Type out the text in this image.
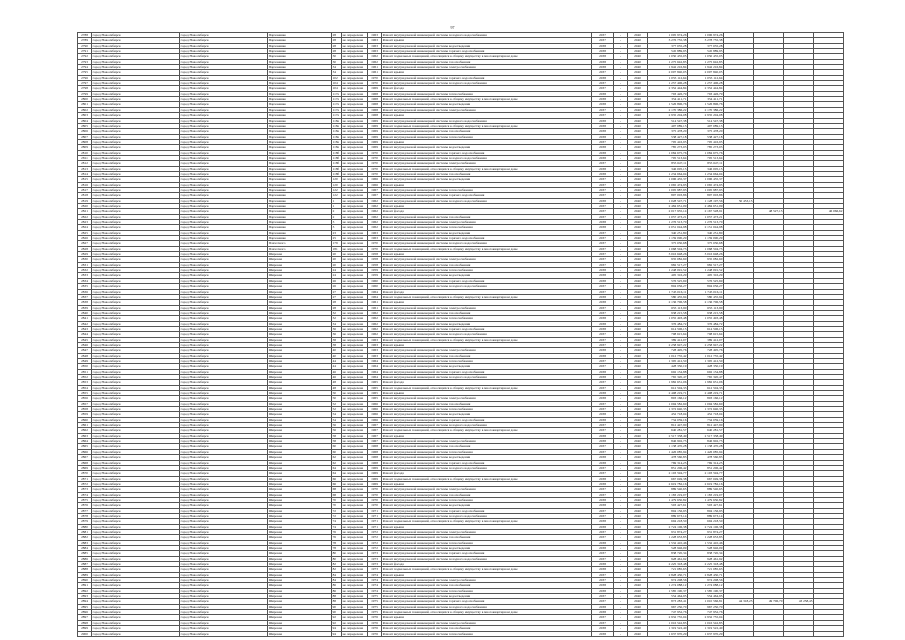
97
2788	город Новосибирск	город Новосибирск	Пархоменко	28	не определена	1963	Ремонт внутридомовой инженерной системы холодного водоснабжения	2037	-	2040	1 005 974,26	1 006 974,26				
2789	город Новосибирск	город Новосибирск	Пархоменко	28	не определена	1963	Ремонт крыши	2037	-	2040	3 276 755,38	3 278 755,38				
2790	город Новосибирск	город Новосибирск	Пархоменко	28	не определена	1963	Ремонт внутридомовой инженерной системы водоотведения	2038	-	2040	377 035,28	377 035,28				
2791	город Новосибирск	город Новосибирск	Пархоменко	28	не определена	1963	Ремонт внутридомовой инженерной системы горячего водоснабжения	2038	-	2040	545 889,95	545 889,95				
2792	город Новосибирск	город Новосибирск	Пархоменко	30	не определена	1962	Ремонт подвальных помещений, относящихся к общему имуществу в многоквартирном доме	2038	-	2040	1 050 435,05	1 050 435,05				
2793	город Новосибирск	город Новосибирск	Пархоменко	30	не определена	1962	Ремонт внутридомовой инженерной системы газоснабжения	2038	-	2040	1 275 642,85	1 275 642,85				
2794	город Новосибирск	город Новосибирск	Пархоменко	34	не определена	1961	Ремонт внутридомовой инженерной системы электроснабжения	2038	-	2040	1 942 216,84	1 942 216,84				
2795	город Новосибирск	город Новосибирск	Пархоменко	34	не определена	1961	Ремонт крыши	2037	-	2040	2 007 840,05	2 007 840,05				
2796	город Новосибирск	город Новосибирск	Пархоменко	102	не определена	1970	Ремонт внутридомовой инженерной системы горячего водоснабжения	2038	-	2040	1 055 112,64	1 055 112,64				
2797	город Новосибирск	город Новосибирск	Пархоменко	104	не определена	1970	Ремонт внутридомовой инженерной системы холодного водоснабжения	2037	-	2040	1 257 406,28	1 257 406,28				
2798	город Новосибирск	город Новосибирск	Пархоменко	104	не определена	1969	Ремонт фасада	2037	-	2040	2 352 444,84	2 352 444,84				
2799	город Новосибирск	город Новосибирск	Пархоменко	117а	не определена	1968	Ремонт внутридомовой инженерной системы теплоснабжения	2038	-	2040	793 426,79	793 426,79				
2800	город Новосибирск	город Новосибирск	Пархоменко	117а	не определена	1968	Ремонт подвальных помещений, относящихся к общему имуществу в многоквартирном доме	2038	-	2040	354 411,71	354 411,71				
2801	город Новосибирск	город Новосибирск	Пархоменко	117а	не определена	1968	Ремонт внутридомовой инженерной системы водоотведения	2038	-	2040	1 526 896,76	1 526 896,76				
2802	город Новосибирск	город Новосибирск	Пархоменко	117а	не определена	1968	Ремонт внутридомовой инженерной системы электроснабжения	2037	-	2040	2 170 386,22	2 170 386,22				
2803	город Новосибирск	город Новосибирск	Пархоменко	117а	не определена	1968	Ремонт крыши	2037	-	2040	2 935 204,08	2 935 204,08				
2804	город Новосибирск	город Новосибирск	Пархоменко	118а	не определена	1969	Ремонт внутридомовой инженерной системы холодного водоснабжения	2038	-	2040	514 547,38	514 547,38				
2805	город Новосибирск	город Новосибирск	Пархоменко	118а	не определена	1969	Ремонт подвальных помещений, относящихся к общему имуществу в многоквартирном доме	2038	-	2040	497 089,13	497 089,13				
2806	город Новосибирск	город Новосибирск	Пархоменко	118а	не определена	1969	Ремонт внутридомовой инженерной системы газоснабжения	2038	-	2040	375 478,20	375 478,20				
2807	город Новосибирск	город Новосибирск	Пархоменко	118а	не определена	1969	Ремонт внутридомовой инженерной системы теплоснабжения	2038	-	2040	538 427,18	538 427,18				
2808	город Новосибирск	город Новосибирск	Пархоменко	118а	не определена	1969	Ремонт крыши	2037	-	2040	705 416,95	705 416,95				
2809	город Новосибирск	город Новосибирск	Пархоменко	118а	не определена	1969	Ремонт внутридомовой инженерной системы водоотведения	2038	-	2040	785 273,03	785 273,03				
2810	город Новосибирск	город Новосибирск	Пархоменко	118б	не определена	1970	Ремонт внутридомовой инженерной системы горячего водоснабжения	2038	-	2040	1 084 675,76	1 084 675,76				
2811	город Новосибирск	город Новосибирск	Пархоменко	118б	не определена	1970	Ремонт внутридомовой инженерной системы холодного водоснабжения	2038	-	2040	705 513,64	705 513,64				
2812	город Новосибирск	город Новосибирск	Пархоменко	118б	не определена	1970	Ремонт внутридомовой инженерной системы электроснабжения	2037	-	2040	855 647,11	855 647,11				
2813	город Новосибирск	город Новосибирск	Пархоменко	118б	не определена	1970	Ремонт подвальных помещений, относящихся к общему имуществу в многоквартирном доме	2038	-	2040	346 005,15	346 005,15				
2814	город Новосибирск	город Новосибирск	Пархоменко	118б	не определена	1970	Ремонт внутридомовой инженерной системы газоснабжения	2038	-	2040	1 234 664,04	1 234 664,04				
2815	город Новосибирск	город Новосибирск	Пархоменко	120	не определена	1966	Ремонт внутридомовой инженерной системы водоотведения	2037	-	2040	1 096 435,37	1 096 435,37				
2816	город Новосибирск	город Новосибирск	Пархоменко	120	не определена	1966	Ремонт крыши	2037	-	2040	1 065 474,93	1 065 474,93				
2817	город Новосибирск	город Новосибирск	Пархоменко	122	не определена	1967	Ремонт внутридомовой инженерной системы теплоснабжения	2037	-	2040	1 005 987,93	1 005 987,93				
2818	город Новосибирск	город Новосибирск	Пархоменко	122	не определена	1967	Ремонт внутридомовой инженерной системы горячего водоснабжения	2037	-	2040	897 003,86	897 003,86				
2819	город Новосибирск	город Новосибирск	Пархоменко	1	не определена	1962	Ремонт внутридомовой инженерной системы холодного водоснабжения	2038	-	2040	1 028 547,71	1 128 197,56	50 453,15			
2820	город Новосибирск	город Новосибирск	Пархоменко	1	не определена	1962	Ремонт крыши	2037	-	2040	2 484 651,09	2 484 651,09				
2821	город Новосибирск	город Новосибирск	Пархоменко	2	не определена	1962	Ремонт фасада	2037	-	2040	2 017 935,14	2 167 528,91		48 527,15		46 066,62
2822	город Новосибирск	город Новосибирск	Пархоменко	2	не определена	1962	Ремонт внутридомовой инженерной системы газоснабжения	2037	-	2040	1 057 473,21	1 057 473,21				
2823	город Новосибирск	город Новосибирск	Пархоменко	3	не определена	1962	Ремонт внутридомовой инженерной системы электроснабжения	2038	-	2040	1 276 513,70	1 276 513,70				
2824	город Новосибирск	город Новосибирск	Пархоменко	3	не определена	1962	Ремонт внутридомовой инженерной системы теплоснабжения	2038	-	2040	2 051 044,98	2 151 044,98				
2825	город Новосибирск	город Новосибирск	Пархоменко	23	не определена	1963	Ремонт внутридомовой инженерной системы водоотведения	2037	-	2040	340 251,80	340 251,80				
2826	город Новосибирск	город Новосибирск	Пархоменко	25	не определена	1963	Ремонт внутридомовой инженерной системы горячего водоснабжения	2037	-	2040	1 159 090,29	1 159 090,29				
2827	город Новосибирск	город Новосибирск	Плахотного	179	не определена	1970	Ремонт внутридомовой инженерной системы холодного водоснабжения	2037	-	2040	375 030,68	375 030,68				
2828	город Новосибирск	город Новосибирск	Плахотного	181	не определена	1970	Ремонт подвальных помещений, относящихся к общему имуществу в многоквартирном доме	2037	-	2040	1 068 504,73	1 068 504,73				
2829	город Новосибирск	город Новосибирск	Широкая	20	не определена	1958	Ремонт крыши	2037	-	2040	3 016 648,26	3 016 648,26				
2830	город Новосибирск	город Новосибирск	Широкая	20	не определена	1958	Ремонт внутридомовой инженерной системы электроснабжения	2037	-	2040	935 082,60	935 082,60				
2831	город Новосибирск	город Новосибирск	Широкая	20	не определена	1958	Ремонт внутридомовой инженерной системы газоснабжения	2037	-	2040	982 517,27	982 517,27				
2832	город Новосибирск	город Новосибирск	Широкая	24	не определена	1959	Ремонт внутридомовой инженерной системы теплоснабжения	2038	-	2040	1 248 091,52	1 248 091,52				
2833	город Новосибирск	город Новосибирск	Широкая	24	не определена	1959	Ремонт внутридомовой инженерной системы водоотведения	2038	-	2040	405 316,29	405 316,29				
2834	город Новосибирск	город Новосибирск	Широкая	26	не определена	1960	Ремонт внутридомовой инженерной системы горячего водоснабжения	2038	-	2040	576 525,69	576 525,69				
2835	город Новосибирск	город Новосибирск	Широкая	26	не определена	1960	Ремонт внутридомовой инженерной системы холодного водоснабжения	2037	-	2040	804 056,27	804 056,27				
2836	город Новосибирск	город Новосибирск	Широкая	27	не определена	1964	Ремонт фасада	2037	-	2040	1 745 016,11	1 745 016,11				
2837	город Новосибирск	город Новосибирск	Широкая	27	не определена	1964	Ремонт подвальных помещений, относящихся к общему имуществу в многоквартирном доме	2038	-	2040	580 435,94	580 435,94				
2838	город Новосибирск	город Новосибирск	Широкая	28	не определена	1961	Ремонт крыши	2038	-	2040	2 136 706,58	2 136 706,58				
2839	город Новосибирск	город Новосибирск	Широкая	28	не определена	1961	Ремонт внутридомовой инженерной системы электроснабжения	2037	-	2040	655 113,90	655 113,90				
2840	город Новосибирск	город Новосибирск	Широкая	32	не определена	1962	Ремонт внутридомовой инженерной системы газоснабжения	2037	-	2040	938 215,58	938 215,58				
2841	город Новосибирск	город Новосибирск	Широкая	32	не определена	1962	Ремонт внутридомовой инженерной системы теплоснабжения	2038	-	2040	1 055 493,48	1 055 493,48				
2842	город Новосибирск	город Новосибирск	Широкая	34	не определена	1962	Ремонт внутридомовой инженерной системы водоотведения	2038	-	2040	376 484,72	376 484,72				
2843	город Новосибирск	город Новосибирск	Широкая	36	не определена	1962	Ремонт внутридомовой инженерной системы горячего водоснабжения	2038	-	2040	614 506,15	614 506,15				
2844	город Новосибирск	город Новосибирск	Широкая	36	не определена	1962	Ремонт внутридомовой инженерной системы холодного водоснабжения	2037	-	2040	708 615,64	708 615,64				
2845	город Новосибирск	город Новосибирск	Широкая	38	не определена	1963	Ремонт подвальных помещений, относящихся к общему имуществу в многоквартирном доме	2037	-	2040	389 412,07	389 412,07				
2846	город Новосибирск	город Новосибирск	Широкая	38	не определена	1963	Ремонт крыши	2037	-	2040	2 258 947,22	2 258 947,22				
2847	город Новосибирск	город Новосибирск	Широкая	40	не определена	1963	Ремонт внутридомовой инженерной системы электроснабжения	2038	-	2040	728 495,76	728 495,76				
2848	город Новосибирск	город Новосибирск	Широкая	40	не определена	1963	Ремонт внутридомовой инженерной системы газоснабжения	2038	-	2040	1 012 735,42	1 012 735,42				
2849	город Новосибирск	город Новосибирск	Широкая	44	не определена	1964	Ремонт внутридомовой инженерной системы теплоснабжения	2037	-	2040	1 305 412,50	1 305 412,50				
2850	город Новосибирск	город Новосибирск	Широкая	44	не определена	1964	Ремонт внутридомовой инженерной системы водоотведения	2037	-	2040	428 350,19	428 350,19				
2851	город Новосибирск	город Новосибирск	Широкая	46	не определена	1964	Ремонт внутридомовой инженерной системы горячего водоснабжения	2038	-	2040	692 134,88	692 134,88				
2852	город Новосибирск	город Новосибирск	Широкая	46	не определена	1964	Ремонт внутридомовой инженерной системы холодного водоснабжения	2038	-	2040	765 320,47	765 320,47				
2853	город Новосибирск	город Новосибирск	Широкая	48	не определена	1965	Ремонт фасада	2037	-	2040	1 982 631,06	1 982 631,06				
2854	город Новосибирск	город Новосибирск	Широкая	48	не определена	1965	Ремонт подвальных помещений, относящихся к общему имуществу в многоквартирном доме	2037	-	2040	612 504,33	612 504,33				
2855	город Новосибирск	город Новосибирск	Широкая	50	не определена	1965	Ремонт крыши	2038	-	2040	2 408 219,71	2 408 219,71				
2856	город Новосибирск	город Новосибирск	Широкая	50	не определена	1965	Ремонт внутридомовой инженерной системы электроснабжения	2038	-	2040	803 166,12	803 166,12				
2857	город Новосибирск	город Новосибирск	Широкая	52	не определена	1966	Ремонт внутридомовой инженерной системы газоснабжения	2037	-	2040	1 094 582,60	1 094 582,60				
2858	город Новосибирск	город Новосибирск	Широкая	52	не определена	1966	Ремонт внутридомовой инженерной системы теплоснабжения	2037	-	2040	1 372 640,35	1 372 640,35				
2859	город Новосибирск	город Новосибирск	Широкая	54	не определена	1966	Ремонт внутридомовой инженерной системы водоотведения	2038	-	2040	452 718,04	452 718,04				
2860	город Новосибирск	город Новосибирск	Широкая	54	не определена	1966	Ремонт внутридомовой инженерной системы горячего водоснабжения	2038	-	2040	734 059,16	734 059,16				
2861	город Новосибирск	город Новосибирск	Широкая	56	не определена	1967	Ремонт внутридомовой инженерной системы холодного водоснабжения	2037	-	2040	812 447,90	812 447,90				
2862	город Новосибирск	город Новосибирск	Широкая	56	не определена	1967	Ремонт подвальных помещений, относящихся к общему имуществу в многоквартирном доме	2037	-	2040	640 281,57	640 281,57				
2863	город Новосибирск	город Новосибирск	Широкая	58	не определена	1967	Ремонт крыши	2038	-	2040	2 517 338,49	2 517 338,49				
2864	город Новосибирск	город Новосибирск	Широкая	58	не определена	1967	Ремонт внутридомовой инженерной системы электроснабжения	2038	-	2040	846 902,73	846 902,73				
2865	город Новосибирск	город Новосибирск	Широкая	60	не определена	1968	Ремонт внутридомовой инженерной системы газоснабжения	2037	-	2040	1 138 470,28	1 138 470,28				
2866	город Новосибирск	город Новосибирск	Широкая	60	не определена	1968	Ремонт внутридомовой инженерной системы теплоснабжения	2037	-	2040	1 426 085,94	1 426 085,94				
2867	город Новосибирск	город Новосибирск	Широкая	62	не определена	1968	Ремонт внутридомовой инженерной системы водоотведения	2038	-	2040	478 560,83	478 560,83				
2868	город Новосибирск	город Новосибирск	Широкая	62	не определена	1968	Ремонт внутридомовой инженерной системы горячего водоснабжения	2038	-	2040	769 314,25	769 314,25				
2869	город Новосибирск	город Новосибирск	Широкая	64	не определена	1969	Ремонт внутридомовой инженерной системы холодного водоснабжения	2037	-	2040	851 206,42	851 206,42				
2870	город Новосибирск	город Новосибирск	Широкая	64	не определена	1969	Ремонт фасада	2037	-	2040	2 103 594,77	2 103 594,77				
2871	город Новосибирск	город Новосибирск	Широкая	66	не определена	1969	Ремонт подвальных помещений, относящихся к общему имуществу в многоквартирном доме	2038	-	2040	667 049,38	667 049,38				
2872	город Новосибирск	город Новосибирск	Широкая	66	не определена	1969	Ремонт крыши	2038	-	2040	2 619 782,16	2 619 782,16				
2873	город Новосибирск	город Новосибирск	Широкая	68	не определена	1970	Ремонт внутридомовой инженерной системы электроснабжения	2037	-	2040	889 540,65	889 540,65				
2874	город Новосибирск	город Новосибирск	Широкая	68	не определена	1970	Ремонт внутридомовой инженерной системы газоснабжения	2037	-	2040	1 183 219,07	1 183 219,07				
2875	город Новосибирск	город Новосибирск	Широкая	70	не определена	1970	Ремонт внутридомовой инженерной системы теплоснабжения	2038	-	2040	1 479 630,82	1 479 630,82				
2876	город Новосибирск	город Новосибирск	Широкая	70	не определена	1970	Ремонт внутридомовой инженерной системы водоотведения	2038	-	2040	503 427,61	503 427,61				
2877	город Новосибирск	город Новосибирск	Широкая	72	не определена	1971	Ремонт внутридомовой инженерной системы горячего водоснабжения	2037	-	2040	804 156,93	804 156,93				
2878	город Новосибирск	город Новосибирск	Широкая	72	не определена	1971	Ремонт внутридомовой инженерной системы холодного водоснабжения	2037	-	2040	889 673,14	889 673,14				
2879	город Новосибирск	город Новосибирск	Широкая	74	не определена	1971	Ремонт подвальных помещений, относящихся к общему имуществу в многоквартирном доме	2038	-	2040	694 218,50	694 218,50				
2880	город Новосибирск	город Новосибирск	Широкая	74	не определена	1971	Ремонт крыши	2038	-	2040	2 724 106,38	2 724 106,38				
2881	город Новосибирск	город Новосибирск	Широкая	76	не определена	1972	Ремонт внутридомовой инженерной системы электроснабжения	2037	-	2040	931 874,27	931 874,27				
2882	город Новосибирск	город Новосибирск	Широкая	76	не определена	1972	Ремонт внутридомовой инженерной системы газоснабжения	2037	-	2040	1 228 653,85	1 228 653,85				
2883	город Новосибирск	город Новосибирск	Широкая	78	не определена	1972	Ремонт внутридомовой инженерной системы теплоснабжения	2038	-	2040	1 532 410,46	1 532 410,46				
2884	город Новосибирск	город Новосибирск	Широкая	78	не определена	1972	Ремонт внутридомовой инженерной системы водоотведения	2038	-	2040	528 946,09	528 946,09				
2885	город Новосибирск	город Новосибирск	Широкая	80	не определена	1973	Ремонт внутридомовой инженерной системы горячего водоснабжения	2037	-	2040	838 720,34	838 720,34				
2886	город Новосибирск	город Новосибирск	Широкая	80	не определена	1973	Ремонт внутридомовой инженерной системы холодного водоснабжения	2037	-	2040	928 461,92	928 461,92				
2887	город Новосибирск	город Новосибирск	Широкая	82	не определена	1973	Ремонт фасада	2038	-	2040	2 225 318,48	2 225 318,48				
2888	город Новосибирск	город Новосибирск	Широкая	82	не определена	1973	Ремонт подвальных помещений, относящихся к общему имуществу в многоквартирном доме	2038	-	2040	721 085,63	721 085,63				
2889	город Новосибирск	город Новосибирск	Широкая	84	не определена	1974	Ремонт крыши	2037	-	2040	2 828 430,71	2 828 430,71				
2890	город Новосибирск	город Новосибирск	Широкая	84	не определена	1974	Ремонт внутридомовой инженерной системы электроснабжения	2037	-	2040	974 208,56	974 208,56				
2891	город Новосибирск	город Новосибирск	Широкая	86	не определена	1974	Ремонт внутридомовой инженерной системы газоснабжения	2038	-	2040	1 274 088,12	1 274 088,12				
2892	город Новосибирск	город Новосибирск	Широкая	86	не определена	1974	Ремонт внутридомовой инженерной системы теплоснабжения	2038	-	2040	1 585 190,37	1 585 190,37				
2893	город Новосибирск	город Новосибирск	Широкая	88	не определена	1975	Ремонт внутридомовой инженерной системы водоотведения	2037	-	2040	554 464,95	554 464,95				
2894	город Новосибирск	город Новосибирск	Широкая	88	не определена	1975	Ремонт внутридомовой инженерной системы горячего водоснабжения	2037	-	2040	873 283,41	1 010 566,81	44 318,25	49 706,70	43 258,45	
2895	город Новосибирск	город Новосибирск	Широкая	90	не определена	1975	Ремонт внутридомовой инженерной системы холодного водоснабжения	2038	-	2040	967 250,70	967 250,70				
2896	город Новосибирск	город Новосибирск	Широкая	90	не определена	1975	Ремонт подвальных помещений, относящихся к общему имуществу в многоквартирном доме	2038	-	2040	747 952,76	747 952,76				
2897	город Новосибирск	город Новосибирск	Широкая	92	не определена	1976	Ремонт крыши	2037	-	2040	2 932 755,04	2 932 755,04				
2898	город Новосибирск	город Новосибирск	Широкая	92	не определена	1976	Ремонт внутридомовой инженерной системы электроснабжения	2037	-	2040	1 016 542,85	1 016 542,85				
2899	город Новосибирск	город Новосибирск	Широкая	94	не определена	1976	Ремонт внутридомовой инженерной системы газоснабжения	2038	-	2040	1 319 522,40	1 319 522,40				
2900	город Новосибирск	город Новосибирск	Широкая	94	не определена	1976	Ремонт внутридомовой инженерной системы теплоснабжения	2038	-	2040	1 637 970,29	1 637 970,29				
